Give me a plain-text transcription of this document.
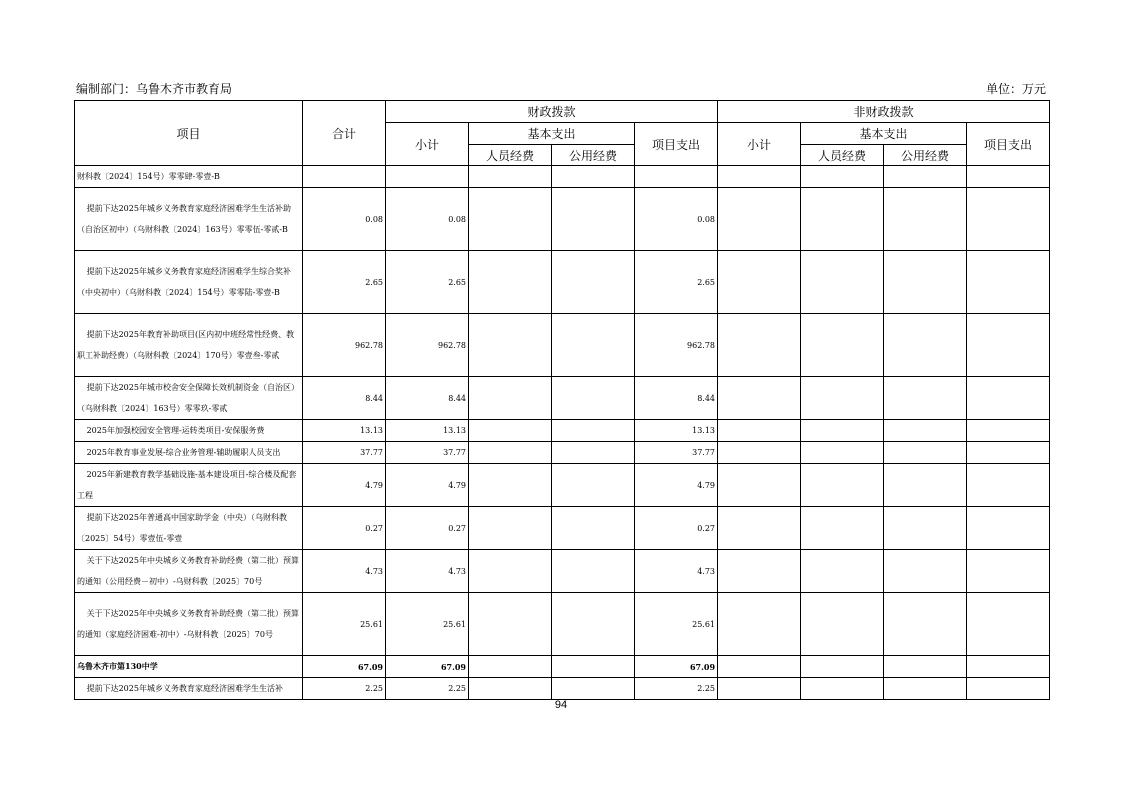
编制部门：乌鲁木齐市教育局	单位：万元
项目	合计	财政拨款				非财政拨款			
		小计	基本支出		项目支出	小计	基本支出		项目支出
			人员经费	公用经费			人员经费	公用经费	
财科教〔2024〕154号）零零肆-零壹-B									
提前下达2025年城乡义务教育家庭经济困难学生生活补助（自治区初中）（乌财科教〔2024〕163号）零零伍-零贰-B	0.08	0.08			0.08				
提前下达2025年城乡义务教育家庭经济困难学生综合奖补（中央初中）（乌财科教〔2024〕154号）零零陆-零壹-B	2.65	2.65			2.65				
提前下达2025年教育补助项目(区内初中班经常性经费、教职工补助经费）（乌财科教〔2024〕170号）零壹叁-零贰	962.78	962.78			962.78				
提前下达2025年城市校舍安全保障长效机制资金（自治区）（乌财科教〔2024〕163号）零零玖-零贰	8.44	8.44			8.44				
2025年加强校园安全管理-运转类项目-安保服务费	13.13	13.13			13.13				
2025年教育事业发展-综合业务管理-辅助履职人员支出	37.77	37.77			37.77				
2025年新建教育教学基础设施-基本建设项目-综合楼及配套工程	4.79	4.79			4.79				
提前下达2025年普通高中国家助学金（中央）（乌财科教〔2025〕54号）零壹伍-零壹	0.27	0.27			0.27				
关于下达2025年中央城乡义务教育补助经费（第二批）预算的通知（公用经费－初中）-乌财科教〔2025〕70号	4.73	4.73			4.73				
关于下达2025年中央城乡义务教育补助经费（第二批）预算的通知（家庭经济困难-初中）-乌财科教〔2025〕70号	25.61	25.61			25.61				
乌鲁木齐市第130中学	67.09	67.09			67.09				
提前下达2025年城乡义务教育家庭经济困难学生生活补	2.25	2.25			2.25				
94
